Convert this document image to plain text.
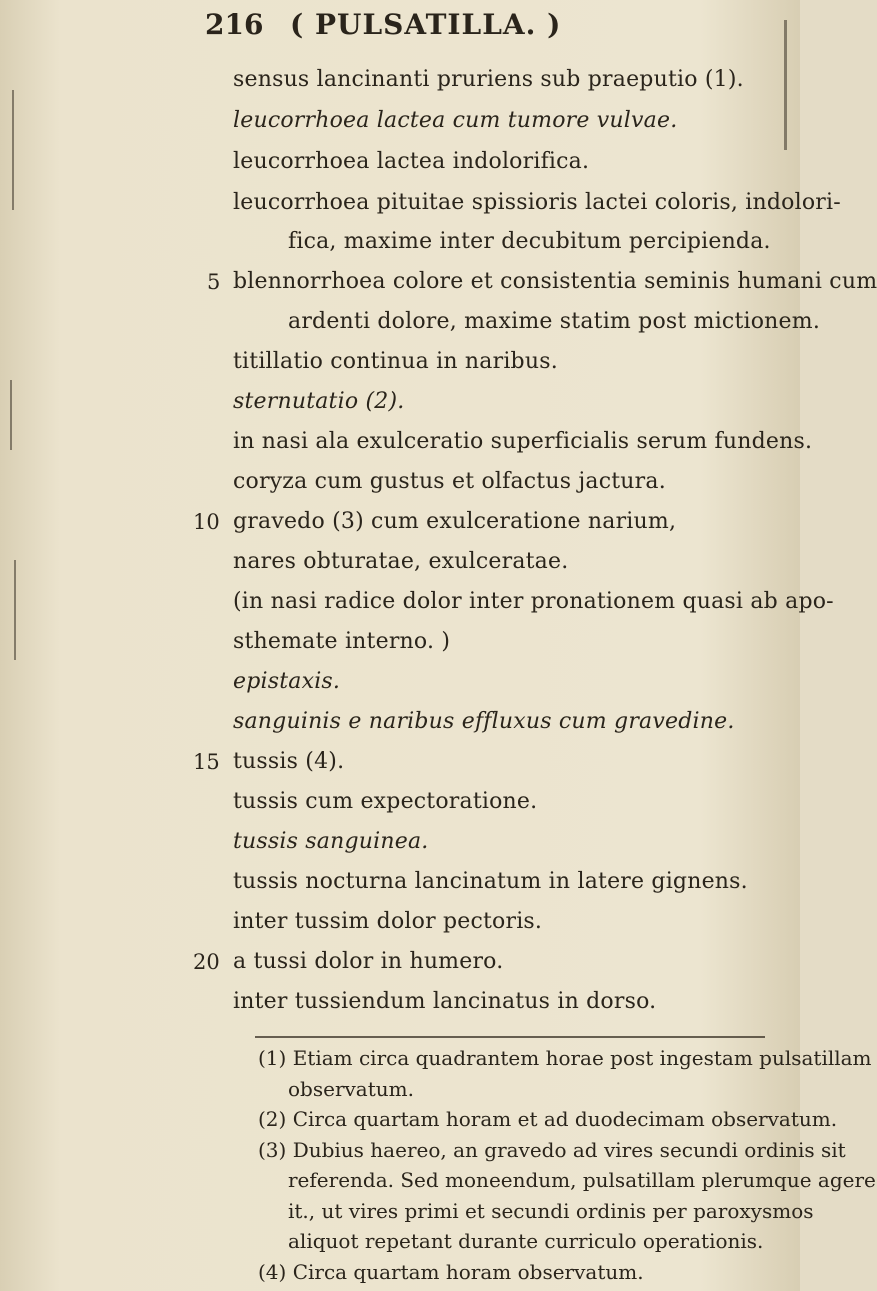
216 ( PULSATILLA. )
sensus lancinanti pruriens sub praeputio (1).
leucorrhoea lactea cum tumore vulvae.
leucorrhoea lactea indolorifica.
leucorrhoea pituitae spissioris lactei coloris, indolori-
fica, maxime inter decubitum percipienda.
5 blennorrhoea colore et consistentia seminis humani cum
ardenti dolore, maxime statim post mictionem.
titillatio continua in naribus.
sternutatio (2).
in nasi ala exulceratio superficialis serum fundens.
coryza cum gustus et olfactus jactura.
10 gravedo (3) cum exulceratione narium,
nares obturatae, exulceratae.
(in nasi radice dolor inter pronationem quasi ab apo-
sthemate interno. )
epistaxis.
sanguinis e naribus effluxus cum gravedine.
15 tussis (4).
tussis cum expectoratione.
tussis sanguinea.
tussis nocturna lancinatum in latere gignens.
inter tussim dolor pectoris.
20 a tussi dolor in humero.
inter tussiendum lancinatus in dorso.
(1) Etiam circa quadrantem horae post ingestam pulsatillam
observatum.
(2) Circa quartam horam et ad duodecimam observatum.
(3) Dubius haereo, an gravedo ad vires secundi ordinis sit
referenda. Sed moneendum, pulsatillam plerumque agere
it., ut vires primi et secundi ordinis per paroxysmos
aliquot repetant durante curriculo operationis.
(4) Circa quartam horam observatum.
